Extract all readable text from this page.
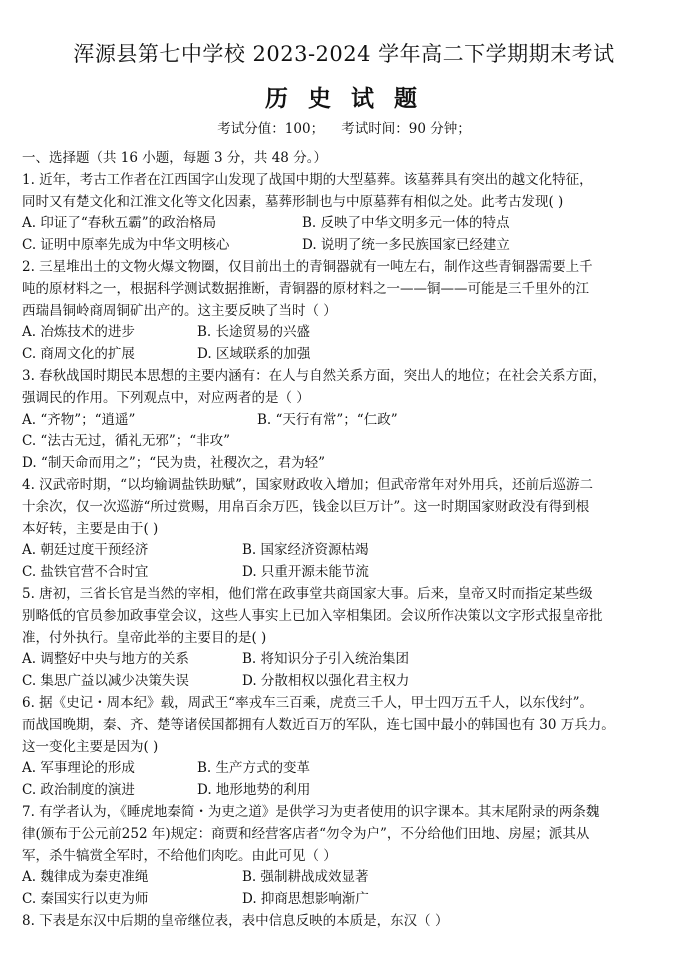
浑源县第七中学校 2023-2024 学年高二下学期期末考试
历 史 试 题
考试分值：100；    考试时间：90 分钟；
一、选择题（共 16 小题，每题 3 分，共 48 分。）
1. 近年，考古工作者在江西国字山发现了战国中期的大型墓葬。该墓葬具有突出的越文化特征，
同时又有楚文化和江淮文化等文化因素，墓葬形制也与中原墓葬有相似之处。此考古发现( )
A. 印证了“春秋五霸”的政治格局	B. 反映了中华文明多元一体的特点
C. 证明中原率先成为中华文明核心	D. 说明了统一多民族国家已经建立
2. 三星堆出土的文物火爆文物圈，仅目前出土的青铜器就有一吨左右，制作这些青铜器需要上千
吨的原材料之一，根据科学测试数据推断，青铜器的原材料之一——铜——可能是三千里外的江
西瑞昌铜岭商周铜矿出产的。这主要反映了当时（ ）
A. 冶炼技术的进步	B. 长途贸易的兴盛
C. 商周文化的扩展	D. 区域联系的加强
3. 春秋战国时期民本思想的主要内涵有：在人与自然关系方面，突出人的地位；在社会关系方面，
强调民的作用。下列观点中，对应两者的是（ ）
A. “齐物”；“逍遥”	B. “天行有常”；“仁政”
C. “法古无过，循礼无邪”；“非攻”
D. “制天命而用之”；“民为贵，社稷次之，君为轻”
4. 汉武帝时期，“以均输调盐铁助赋”，国家财政收入增加；但武帝常年对外用兵，还前后巡游二
十余次，仅一次巡游“所过赏赐，用帛百余万匹，钱金以巨万计”。这一时期国家财政没有得到根
本好转，主要是由于( )
A. 朝廷过度干预经济	B. 国家经济资源枯竭
C. 盐铁官营不合时宜	D. 只重开源未能节流
5. 唐初，三省长官是当然的宰相，他们常在政事堂共商国家大事。后来，皇帝又时而指定某些级
别略低的官员参加政事堂会议，这些人事实上已加入宰相集团。会议所作决策以文字形式报皇帝批
准，付外执行。皇帝此举的主要目的是( )
A. 调整好中央与地方的关系	B. 将知识分子引入统治集团
C. 集思广益以减少决策失误	D. 分散相权以强化君主权力
6. 据《史记・周本纪》载，周武王“率戎车三百乘，虎贲三千人，甲士四万五千人，以东伐纣”。
而战国晚期，秦、齐、楚等诸侯国都拥有人数近百万的军队，连七国中最小的韩国也有 30 万兵力。
这一变化主要是因为( )
A. 军事理论的形成	B. 生产方式的变革
C. 政治制度的演进	D. 地形地势的利用
7. 有学者认为，《睡虎地秦简・为吏之道》是供学习为吏者使用的识字课本。其末尾附录的两条魏
律(颁布于公元前252 年)规定：商贾和经营客店者“勿令为户”，不分给他们田地、房屋；派其从
军，杀牛犒赏全军时，不给他们肉吃。由此可见（ ）
A. 魏律成为秦吏准绳	B. 强制耕战成效显著
C. 秦国实行以吏为师	D. 抑商思想影响渐广
8. 下表是东汉中后期的皇帝继位表，表中信息反映的本质是，东汉（ ）
